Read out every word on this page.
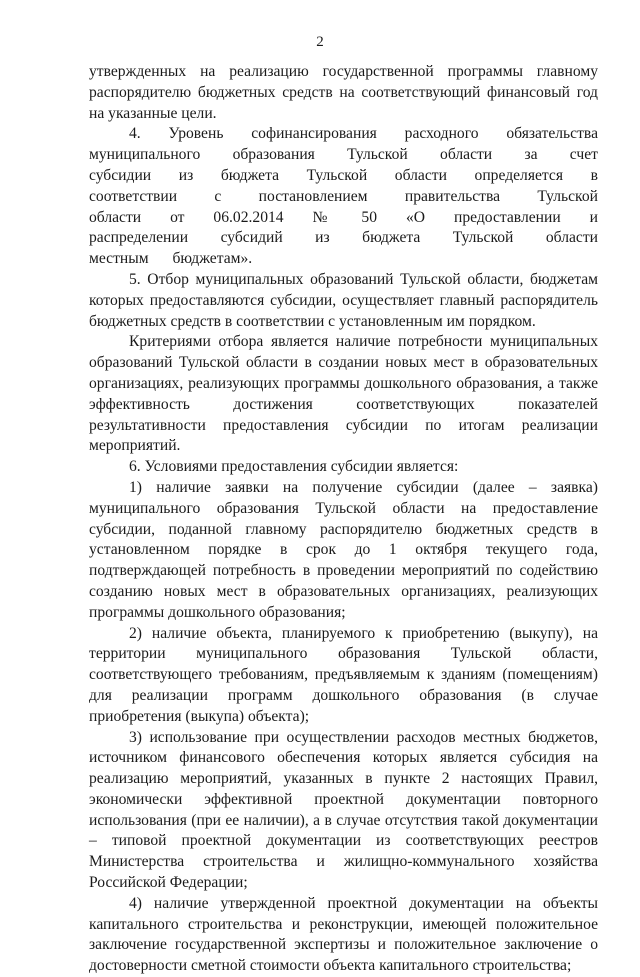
2

утвержденных на реализацию государственной программы главному распорядителю бюджетных средств на соответствующий финансовый год на указанные цели.

4. Уровень софинансирования расходного обязательства муниципального образования Тульской области за счет субсидии из бюджета Тульской области определяется в соответствии с постановлением правительства Тульской области от 06.02.2014 № 50 «О предоставлении и распределении субсидий из бюджета Тульской области местным бюджетам».

5. Отбор муниципальных образований Тульской области, бюджетам которых предоставляются субсидии, осуществляет главный распорядитель бюджетных средств в соответствии с установленным им порядком.

Критериями отбора является наличие потребности муниципальных образований Тульской области в создании новых мест в образовательных организациях, реализующих программы дошкольного образования, а также эффективность достижения соответствующих показателей результативности предоставления субсидии по итогам реализации мероприятий.

6. Условиями предоставления субсидии является:

1) наличие заявки на получение субсидии (далее – заявка) муниципального образования Тульской области на предоставление субсидии, поданной главному распорядителю бюджетных средств в установленном порядке в срок до 1 октября текущего года, подтверждающей потребность в проведении мероприятий по содействию созданию новых мест в образовательных организациях, реализующих программы дошкольного образования;

2) наличие объекта, планируемого к приобретению (выкупу), на территории муниципального образования Тульской области, соответствующего требованиям, предъявляемым к зданиям (помещениям) для реализации программ дошкольного образования (в случае приобретения (выкупа) объекта);

3) использование при осуществлении расходов местных бюджетов, источником финансового обеспечения которых является субсидия на реализацию мероприятий, указанных в пункте 2 настоящих Правил, экономически эффективной проектной документации повторного использования (при ее наличии), а в случае отсутствия такой документации – типовой проектной документации из соответствующих реестров Министерства строительства и жилищно-коммунального хозяйства Российской Федерации;

4) наличие утвержденной проектной документации на объекты капитального строительства и реконструкции, имеющей положительное заключение государственной экспертизы и положительное заключение о достоверности сметной стоимости объекта капитального строительства;
